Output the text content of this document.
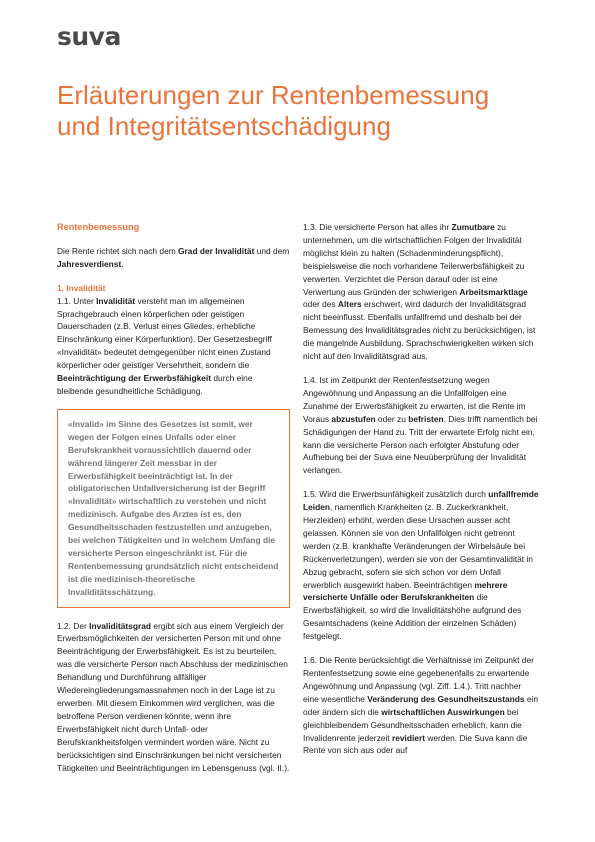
suva
Erläuterungen zur Rentenbemessung
und Integritätsentschädigung

Rentenbemessung

Die Rente richtet sich nach dem Grad der Invalidität und dem Jahresverdienst.

1. Invalidität

1.1. Unter Invalidität versteht man im allgemeinen Sprachgebrauch einen körperlichen oder geistigen Dauerschaden (z.B. Verlust eines Gliedes, erhebliche Einschränkung einer Körperfunktion). Der Gesetzesbegriff «Invalidität» bedeutet demgegenüber nicht einen Zustand körperlicher oder geistiger Versehrtheit, sondern die Beeinträchtigung der Erwerbsfähigkeit durch eine bleibende gesundheitliche Schädigung.

«Invalid» im Sinne des Gesetzes ist somit, wer wegen der Folgen eines Unfalls oder einer Berufskrankheit voraussichtlich dauernd oder während längerer Zeit messbar in der Erwerbsfähigkeit beeinträchtigt ist. In der obligatorischen Unfallversicherung ist der Begriff «Invalidität» wirtschaftlich zu verstehen und nicht medizinisch. Aufgabe des Arztes ist es, den Gesundheitsschaden festzustellen und anzugeben, bei welchen Tätigkeiten und in welchem Umfang die versicherte Person eingeschränkt ist. Für die Rentenbemessung grundsätzlich nicht entscheidend ist die medizinisch-theoretische Invaliditätsschätzung.

1.2. Der Invaliditätsgrad ergibt sich aus einem Vergleich der Erwerbsmöglichkeiten der versicherten Person mit und ohne Beeinträchtigung der Erwerbsfähigkeit. Es ist zu beurteilen, was die versicherte Person nach Abschluss der medizinischen Behandlung und Durchführung allfälliger Wiedereingliederungsmassnahmen noch in der Lage ist zu erwerben. Mit diesem Einkommen wird verglichen, was die betroffene Person verdienen könnte, wenn ihre Erwerbsfähigkeit nicht durch Unfall- oder Berufskrankheitsfolgen vermindert worden wäre. Nicht zu berücksichtigen sind Einschränkungen bei nicht versicherten Tätigkeiten und Beeinträchtigungen im Lebensgenuss (vgl. II.).

1.3. Die versicherte Person hat alles ihr Zumutbare zu unternehmen, um die wirtschaftlichen Folgen der Invalidität möglichst klein zu halten (Schadenminderungspflicht), beispielsweise die noch vorhandene Teilerwerbsfähigkeit zu verwerten. Verzichtet die Person darauf oder ist eine Verwertung aus Gründen der schwierigen Arbeitsmarktlage oder des Alters erschwert, wird dadurch der Invaliditätsgrad nicht beeinflusst. Ebenfalls unfallfremd und deshalb bei der Bemessung des Invaliditätsgrades nicht zu berücksichtigen, ist die mangelnde Ausbildung. Sprachschwierigkeiten wirken sich nicht auf den Invaliditätsgrad aus.

1.4. Ist im Zeitpunkt der Rentenfestsetzung wegen Angewöhnung und Anpassung an die Unfallfolgen eine Zunahme der Erwerbsfähigkeit zu erwarten, ist die Rente im Voraus abzustufen oder zu befristen. Dies trifft namentlich bei Schädigungen der Hand zu. Tritt der erwartete Erfolg nicht ein, kann die versicherte Person nach erfolgter Abstufung oder Aufhebung bei der Suva eine Neuüberprüfung der Invalidität verlangen.

1.5. Wird die Erwerbsunfähigkeit zusätzlich durch unfallfremde Leiden, namentlich Krankheiten (z. B. Zuckerkrankheit, Herzleiden) erhöht, werden diese Ursachen ausser acht gelassen. Können sie von den Unfallfolgen nicht getrennt werden (z.B. krankhafte Veränderungen der Wirbelsäule bei Rückenverletzungen), werden sie von der Gesamtinvalidität in Abzug gebracht, sofern sie sich schon vor dem Unfall erwerblich ausgewirkt haben. Beeinträchtigen mehrere versicherte Unfälle oder Berufskrankheiten die Erwerbsfähigkeit, so wird die Invaliditätshöhe aufgrund des Gesamtschadens (keine Addition der einzelnen Schäden) festgelegt.

1.6. Die Rente berücksichtigt die Verhältnisse im Zeitpunkt der Rentenfestsetzung sowie eine gegebenenfalls zu erwartende Angewöhnung und Anpassung (vgl. Ziff. 1.4.). Tritt nachher eine wesentliche Veränderung des Gesundheitszustands ein oder ändern sich die wirtschaftlichen Auswirkungen bei gleichbleibendem Gesundheitsschaden erheblich, kann die Invalidenrente jederzeit revidiert werden. Die Suva kann die Rente von sich aus oder auf
